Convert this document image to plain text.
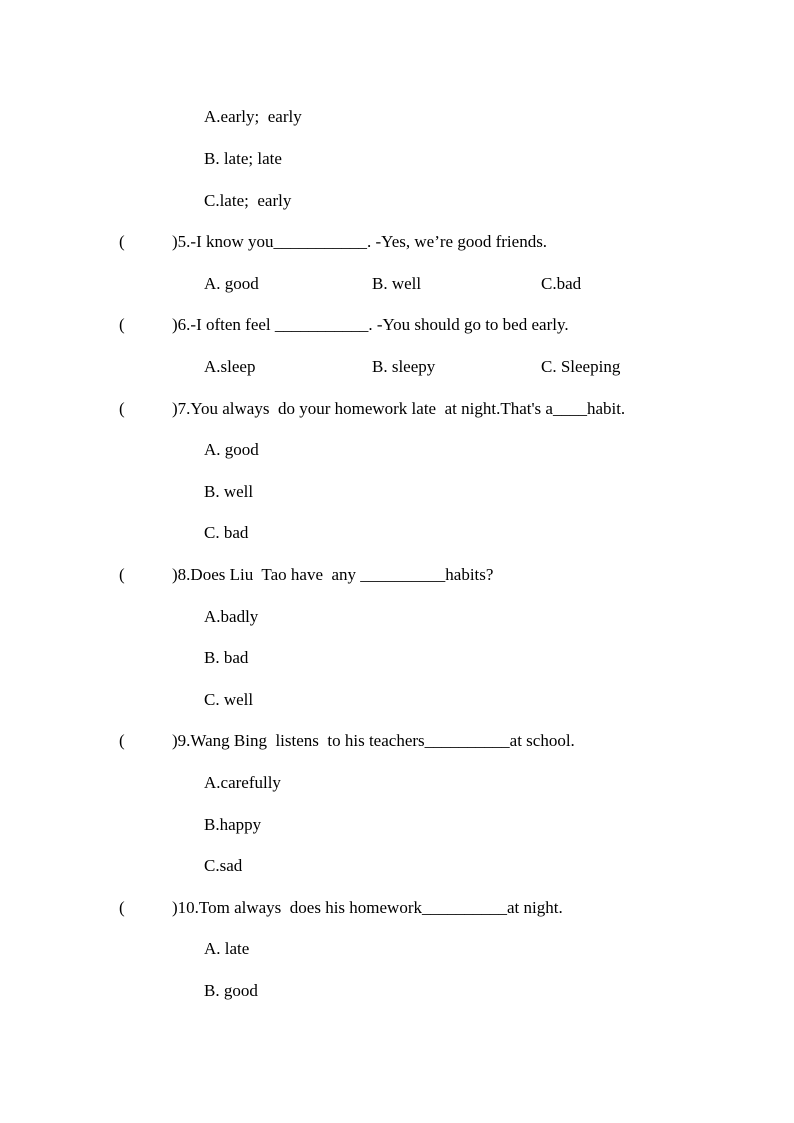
A.early;  early
B. late; late
C.late;  early
(	)5.-I know you___________. -Yes, we’re good friends.
A. good	B. well	C.bad
(	)6.-I often feel ___________. -You should go to bed early.
A.sleep	B. sleepy	C. Sleeping
(	)7.You always  do your homework late  at night.That's a____habit.
A. good
B. well
C. bad
(	)8.Does Liu  Tao have  any __________habits?
A.badly
B. bad
C. well
(	)9.Wang Bing  listens  to his teachers__________at school.
A.carefully
B.happy
C.sad
(	)10.Tom always  does his homework__________at night.
A. late
B. good
